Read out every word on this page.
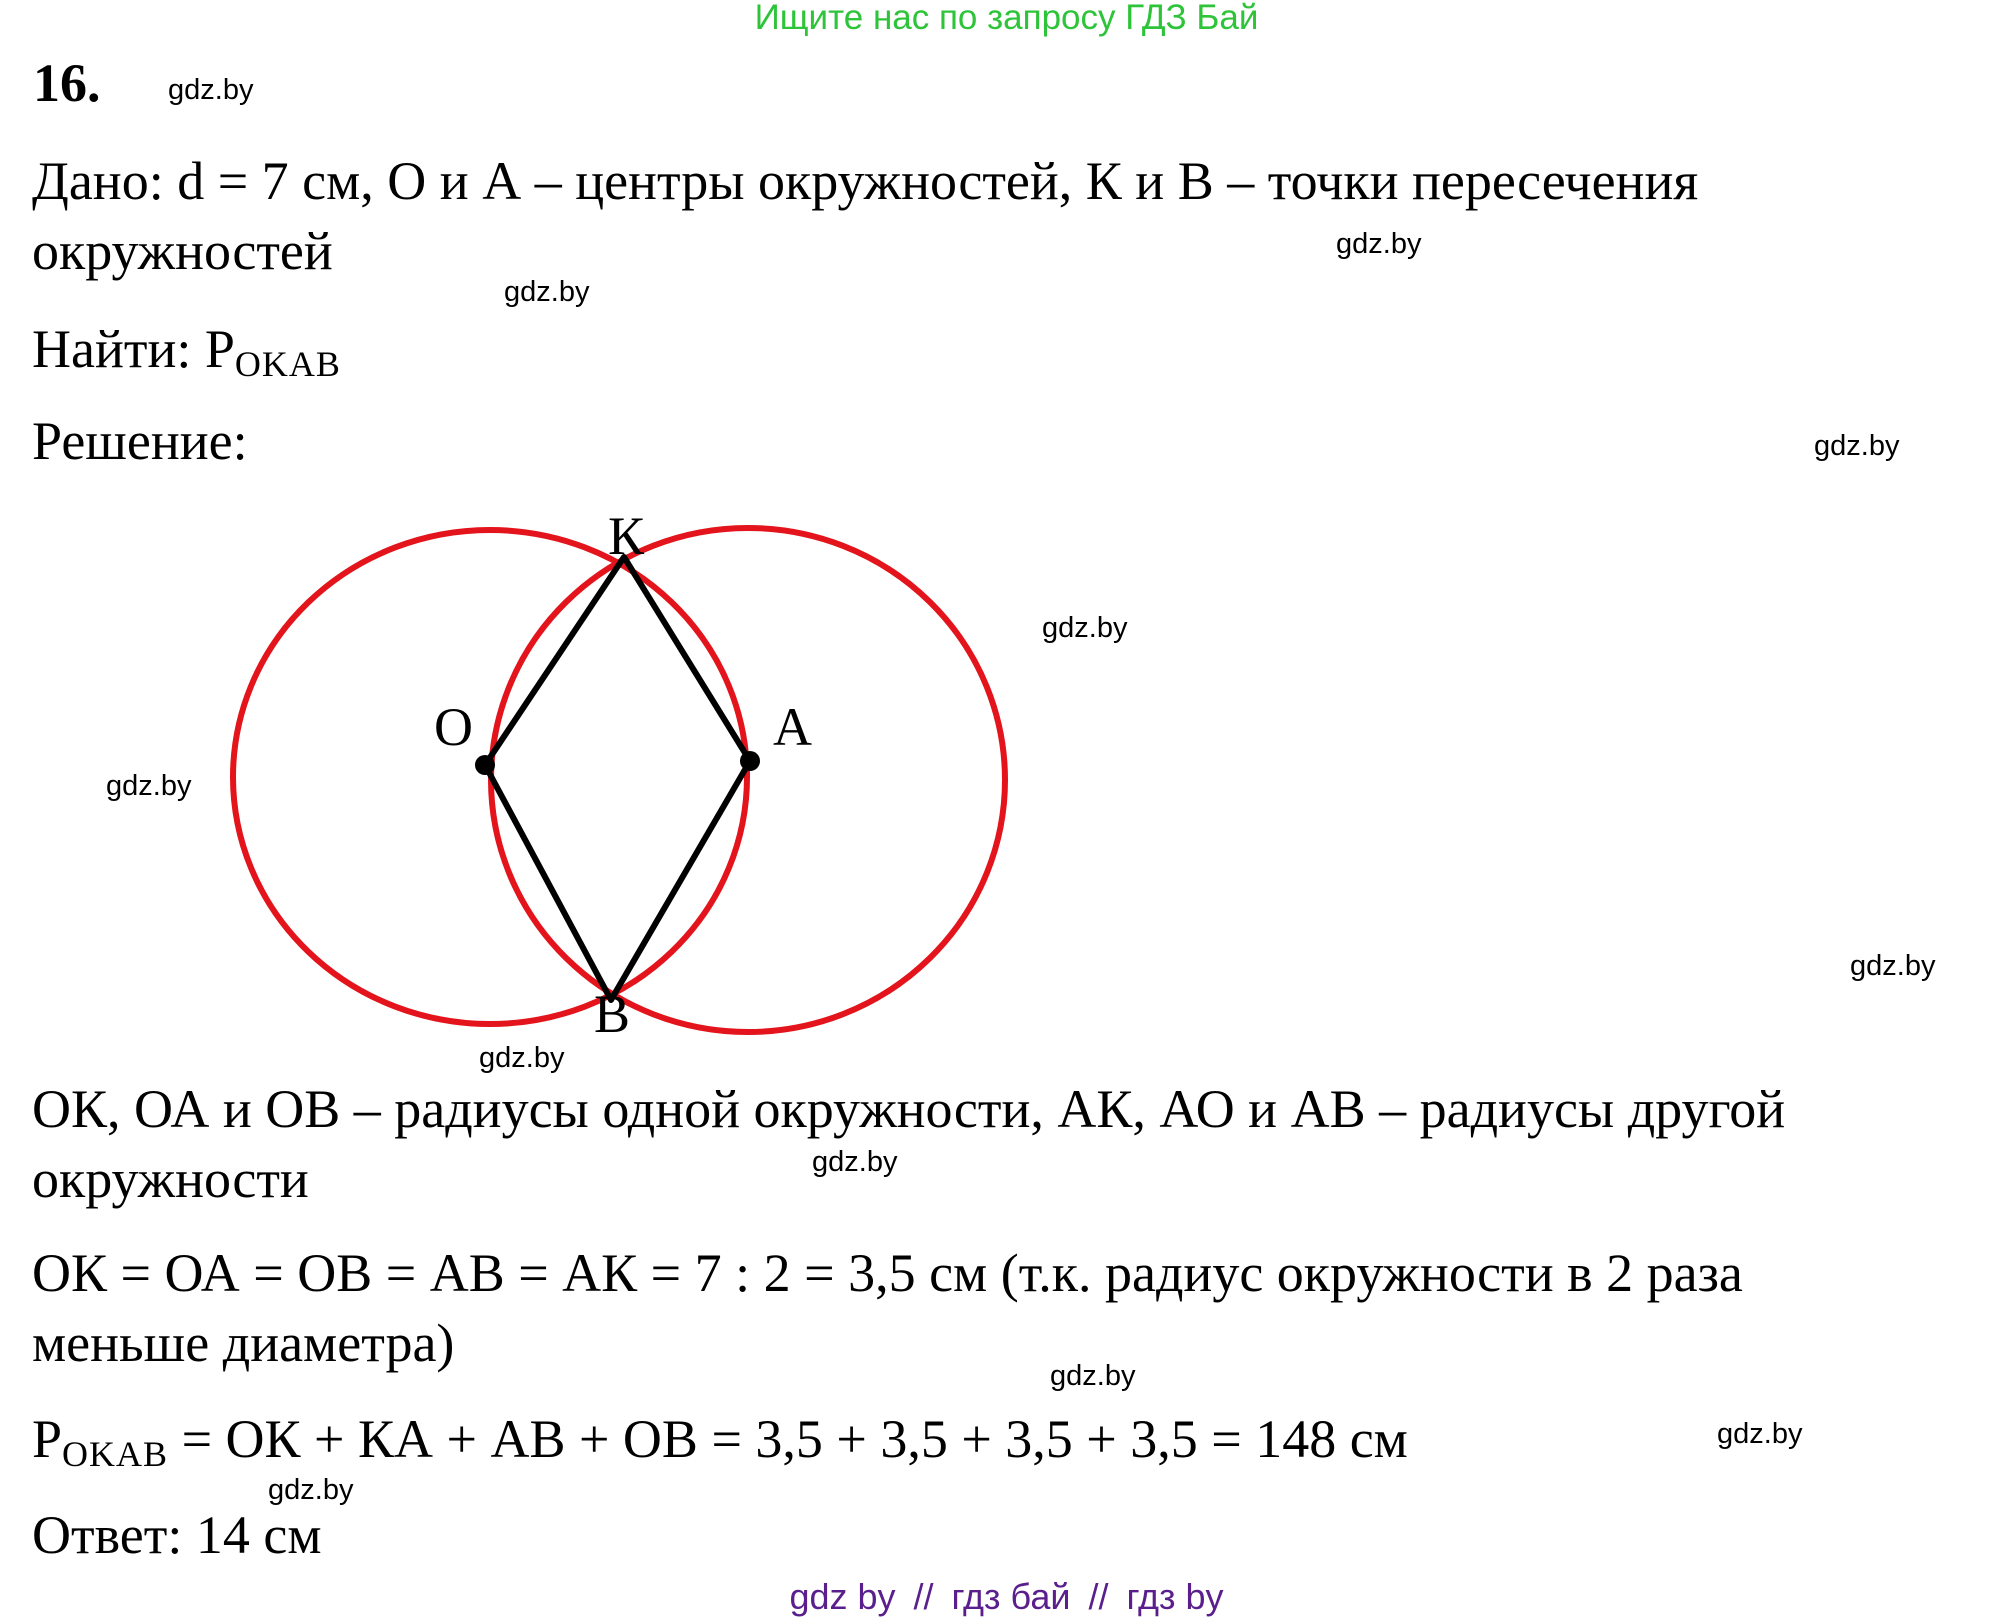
Ищите нас по запросу ГДЗ Бай
16. gdz.by
Дано: d = 7 см, О и А – центры окружностей, К и В – точки пересечения
окружностей	gdz.by
gdz.by
Найти: POKAB
Решение:	gdz.by
К
О	А
В
gdz.by
gdz.by
gdz.by
gdz.by
ОК, ОА и ОВ – радиусы одной окружности, АК, АО и АВ – радиусы другой
gdz.by
окружности
ОК = ОА = ОВ = АВ = АК = 7 : 2 = 3,5 см (т.к. радиус окружности в 2 раза
меньше диаметра)
gdz.by
POKAB = ОК + КА + АВ + ОВ = 3,5 + 3,5 + 3,5 + 3,5 = 148 см	gdz.by
gdz.by
Ответ: 14 см
gdz by // гдз бай // гдз by
